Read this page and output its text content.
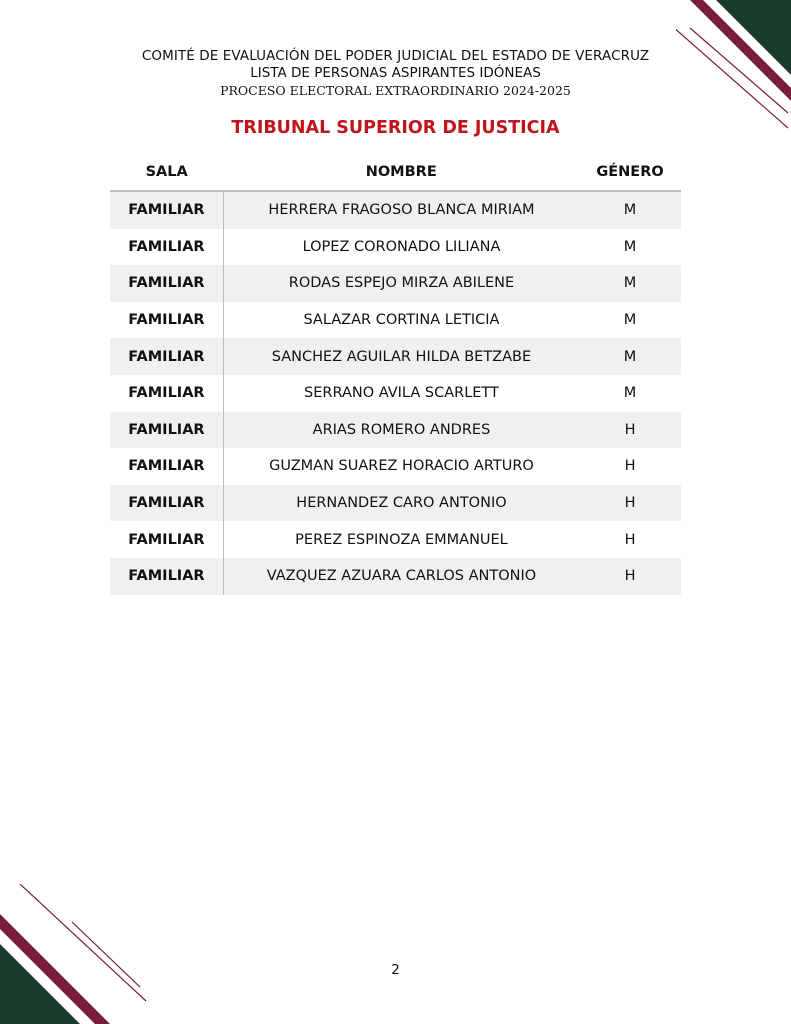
COMITÉ DE EVALUACIÓN DEL PODER JUDICIAL DEL ESTADO DE VERACRUZ
LISTA DE PERSONAS ASPIRANTES IDÓNEAS
PROCESO ELECTORAL EXTRAORDINARIO 2024-2025
TRIBUNAL SUPERIOR DE JUSTICIA
SALA	NOMBRE	GÉNERO
FAMILIAR	HERRERA FRAGOSO BLANCA MIRIAM	M
FAMILIAR	LOPEZ CORONADO LILIANA	M
FAMILIAR	RODAS ESPEJO MIRZA ABILENE	M
FAMILIAR	SALAZAR CORTINA LETICIA	M
FAMILIAR	SANCHEZ AGUILAR HILDA BETZABE	M
FAMILIAR	SERRANO AVILA SCARLETT	M
FAMILIAR	ARIAS ROMERO ANDRES	H
FAMILIAR	GUZMAN SUAREZ HORACIO ARTURO	H
FAMILIAR	HERNANDEZ CARO ANTONIO	H
FAMILIAR	PEREZ ESPINOZA EMMANUEL	H
FAMILIAR	VAZQUEZ AZUARA CARLOS ANTONIO	H
2
